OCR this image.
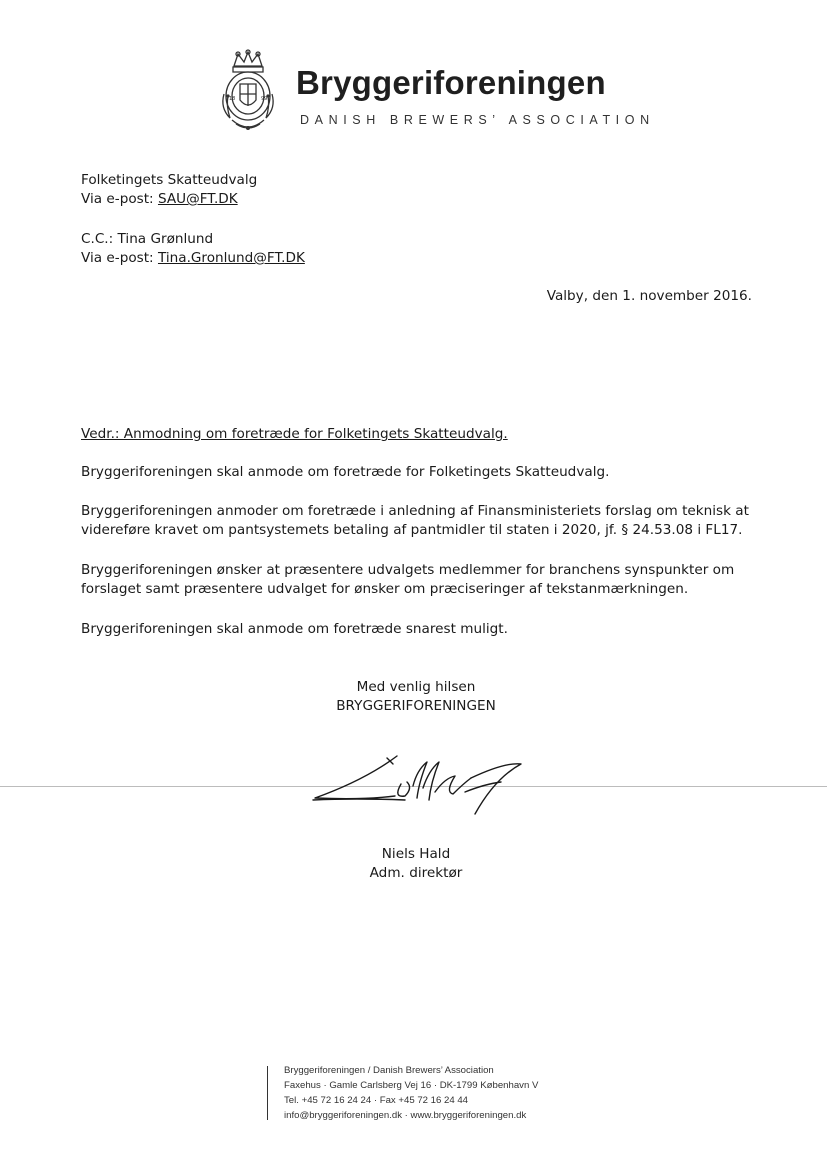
18	99 Bryggeriforeningen
DANISH BREWERS’ ASSOCIATION
Folketingets Skatteudvalg
Via e-post: SAU@FT.DK
C.C.: Tina Grønlund
Via e-post: Tina.Gronlund@FT.DK
Valby, den 1. november 2016.
Vedr.: Anmodning om foretræde for Folketingets Skatteudvalg.
Bryggeriforeningen skal anmode om foretræde for Folketingets Skatteudvalg.
Bryggeriforeningen anmoder om foretræde i anledning af Finansministeriets forslag om teknisk at
videreføre kravet om pantsystemets betaling af pantmidler til staten i 2020, jf. § 24.53.08 i FL17.
Bryggeriforeningen ønsker at præsentere udvalgets medlemmer for branchens synspunkter om
forslaget samt præsentere udvalget for ønsker om præciseringer af tekstanmærkningen.
Bryggeriforeningen skal anmode om foretræde snarest muligt.
Med venlig hilsen
BRYGGERIFORENINGEN
Niels Hald
Adm. direktør
Bryggeriforeningen / Danish Brewers’ Association
Faxehus · Gamle Carlsberg Vej 16 · DK-1799 København V
Tel. +45 72 16 24 24 · Fax +45 72 16 24 44
info@bryggeriforeningen.dk · www.bryggeriforeningen.dk
